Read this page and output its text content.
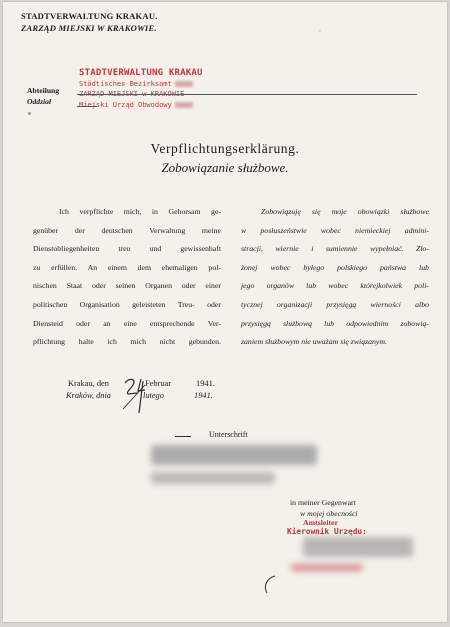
STADTVERWALTUNG KRAKAU.
ZARZĄD MIEJSKI W KRAKOWIE.	ʻ
STADTVERWALTUNG KRAKAU
Städtisches Bezirksamt
ZARZĄD MIEJSKI w KRAKOWIE
Miejski Urząd Obwodowy
Abteilung
Oddział
Verpflichtungserklärung.
Zobowiązanie służbowe.
Ich verpflichte mich, in Gehorsam ge-
genüber der deutschen Verwaltung meine
Dienstobliegenheiten treu und gewissenhaft
zu erfüllen. An einem dem ehemaligen pol-
nischen Staat oder seinen Organen oder einer
politischen Organisation geleisteten Treu- oder
Diensteid oder an eine entsprechende Ver-
pflichtung halte ich mich nicht gebunden.
Zobowiązuję się moje obowiązki służbowe
w posłuszeństwie wobec niemieckiej admini-
stracji, wiernie i sumiennie wypełniać. Zło-
żonej wobec byłego polskiego państwa lub
jego organów lub wobec którejkolwiek poli-
tycznej organizacji przysięgą wierności albo
przysięgą służbową lub odpowiednim zobowią-
zaniem służbowym nie uważam się związanym.
Krakau, den	Februar	1941.
Kraków, dnia	lutego	1941.
Unterschrift
in meiner Gegenwart
w mojej obecności
Amtsleiter
Kierownik Urzędu:
